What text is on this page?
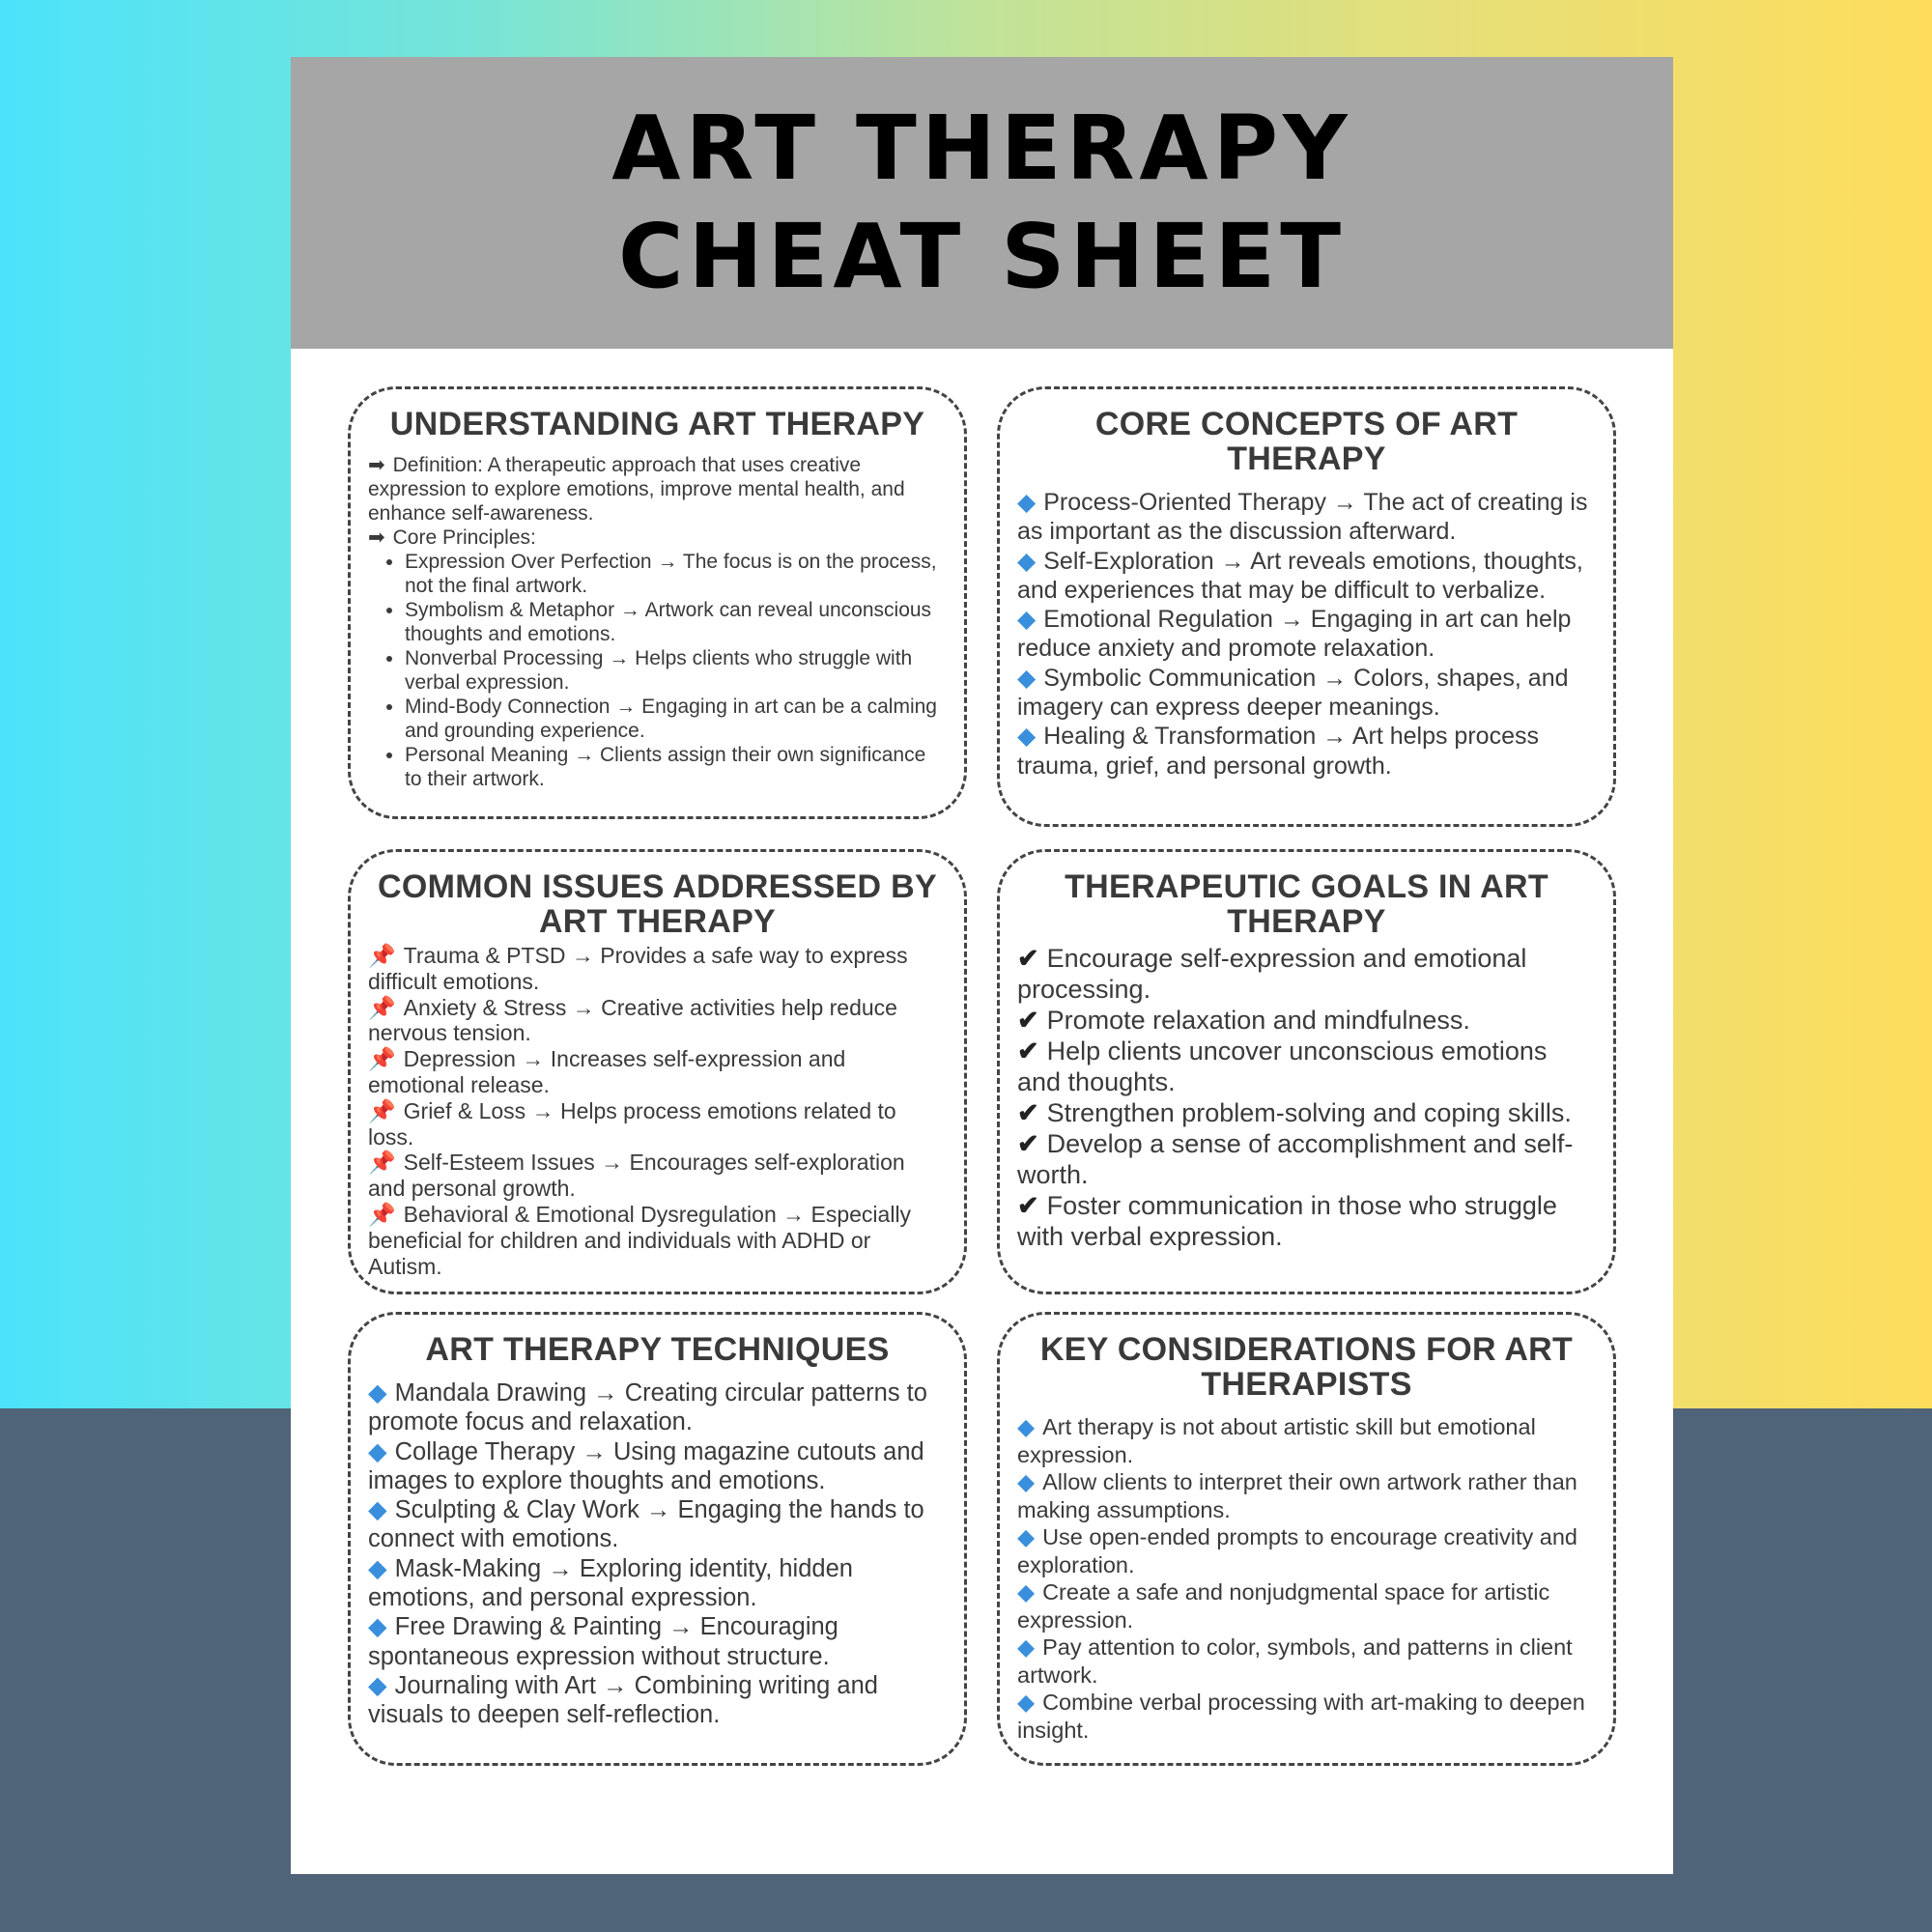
ART THERAPY
CHEAT SHEET
UNDERSTANDING ART THERAPY
➡ Definition: A therapeutic approach that uses creative expression to explore emotions, improve mental health, and enhance self-awareness.
➡ Core Principles:
Expression Over Perfection → The focus is on the process, not the final artwork.
Symbolism & Metaphor → Artwork can reveal unconscious thoughts and emotions.
Nonverbal Processing → Helps clients who struggle with verbal expression.
Mind-Body Connection → Engaging in art can be a calming and grounding experience.
Personal Meaning → Clients assign their own significance to their artwork.
CORE CONCEPTS OF ART THERAPY
◆ Process-Oriented Therapy → The act of creating is as important as the discussion afterward.
◆ Self-Exploration → Art reveals emotions, thoughts, and experiences that may be difficult to verbalize.
◆ Emotional Regulation → Engaging in art can help reduce anxiety and promote relaxation.
◆ Symbolic Communication → Colors, shapes, and imagery can express deeper meanings.
◆ Healing & Transformation → Art helps process trauma, grief, and personal growth.
COMMON ISSUES ADDRESSED BY ART THERAPY
📌 Trauma & PTSD → Provides a safe way to express difficult emotions.
📌 Anxiety & Stress → Creative activities help reduce nervous tension.
📌 Depression → Increases self-expression and emotional release.
📌 Grief & Loss → Helps process emotions related to loss.
📌 Self-Esteem Issues → Encourages self-exploration and personal growth.
📌 Behavioral & Emotional Dysregulation → Especially beneficial for children and individuals with ADHD or Autism.
THERAPEUTIC GOALS IN ART THERAPY
✔ Encourage self-expression and emotional processing.
✔ Promote relaxation and mindfulness.
✔ Help clients uncover unconscious emotions and thoughts.
✔ Strengthen problem-solving and coping skills.
✔ Develop a sense of accomplishment and self-worth.
✔ Foster communication in those who struggle with verbal expression.
ART THERAPY TECHNIQUES
◆ Mandala Drawing → Creating circular patterns to promote focus and relaxation.
◆ Collage Therapy → Using magazine cutouts and images to explore thoughts and emotions.
◆ Sculpting & Clay Work → Engaging the hands to connect with emotions.
◆ Mask-Making → Exploring identity, hidden emotions, and personal expression.
◆ Free Drawing & Painting → Encouraging spontaneous expression without structure.
◆ Journaling with Art → Combining writing and visuals to deepen self-reflection.
KEY CONSIDERATIONS FOR ART THERAPISTS
◆ Art therapy is not about artistic skill but emotional expression.
◆ Allow clients to interpret their own artwork rather than making assumptions.
◆ Use open-ended prompts to encourage creativity and exploration.
◆ Create a safe and nonjudgmental space for artistic expression.
◆ Pay attention to color, symbols, and patterns in client artwork.
◆ Combine verbal processing with art-making to deepen insight.
